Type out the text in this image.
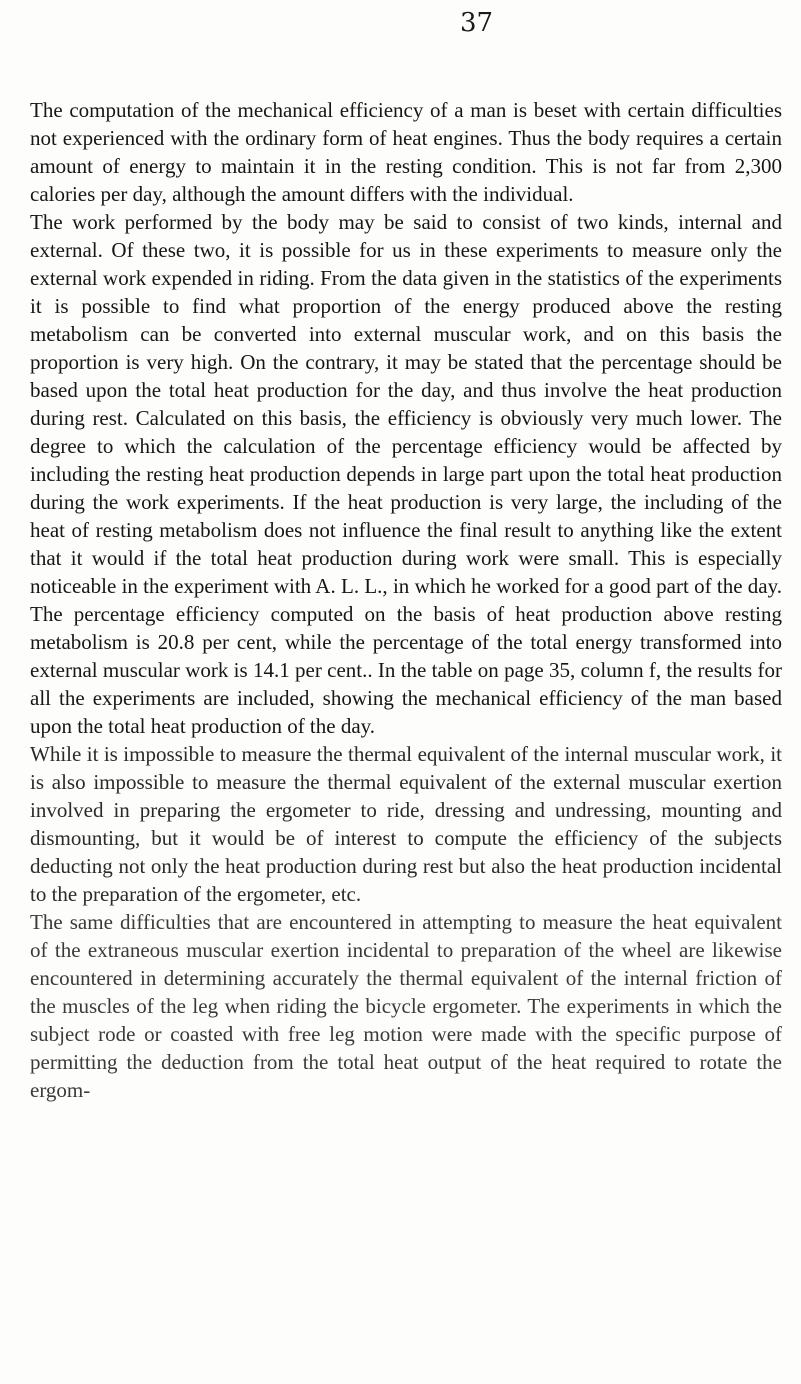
37

The computation of the mechanical efficiency of a man is beset with certain difficulties not experienced with the ordinary form of heat engines. Thus the body requires a certain amount of energy to maintain it in the resting condition. This is not far from 2,300 calories per day, although the amount differs with the individual.

The work performed by the body may be said to consist of two kinds, internal and external. Of these two, it is possible for us in these experiments to measure only the external work expended in riding. From the data given in the statistics of the experiments it is possible to find what proportion of the energy produced above the resting metabolism can be converted into external muscular work, and on this basis the proportion is very high. On the contrary, it may be stated that the percentage should be based upon the total heat production for the day, and thus involve the heat production during rest. Calculated on this basis, the efficiency is obviously very much lower. The degree to which the calculation of the percentage efficiency would be affected by including the resting heat production depends in large part upon the total heat production during the work experiments. If the heat production is very large, the including of the heat of resting metabolism does not influence the final result to anything like the extent that it would if the total heat production during work were small. This is especially noticeable in the experiment with A. L. L., in which he worked for a good part of the day. The percentage efficiency computed on the basis of heat production above resting metabolism is 20.8 per cent, while the percentage of the total energy transformed into external muscular work is 14.1 per cent.. In the table on page 35, column f, the results for all the experiments are included, showing the mechanical efficiency of the man based upon the total heat production of the day.

While it is impossible to measure the thermal equivalent of the internal muscular work, it is also impossible to measure the thermal equivalent of the external muscular exertion involved in preparing the ergometer to ride, dressing and undressing, mounting and dismounting, but it would be of interest to compute the efficiency of the subjects deducting not only the heat production during rest but also the heat production incidental to the preparation of the ergometer, etc.

The same difficulties that are encountered in attempting to measure the heat equivalent of the extraneous muscular exertion incidental to preparation of the wheel are likewise encountered in determining accurately the thermal equivalent of the internal friction of the muscles of the leg when riding the bicycle ergometer. The experiments in which the subject rode or coasted with free leg motion were made with the specific purpose of permitting the deduction from the total heat output of the heat required to rotate the ergom-
